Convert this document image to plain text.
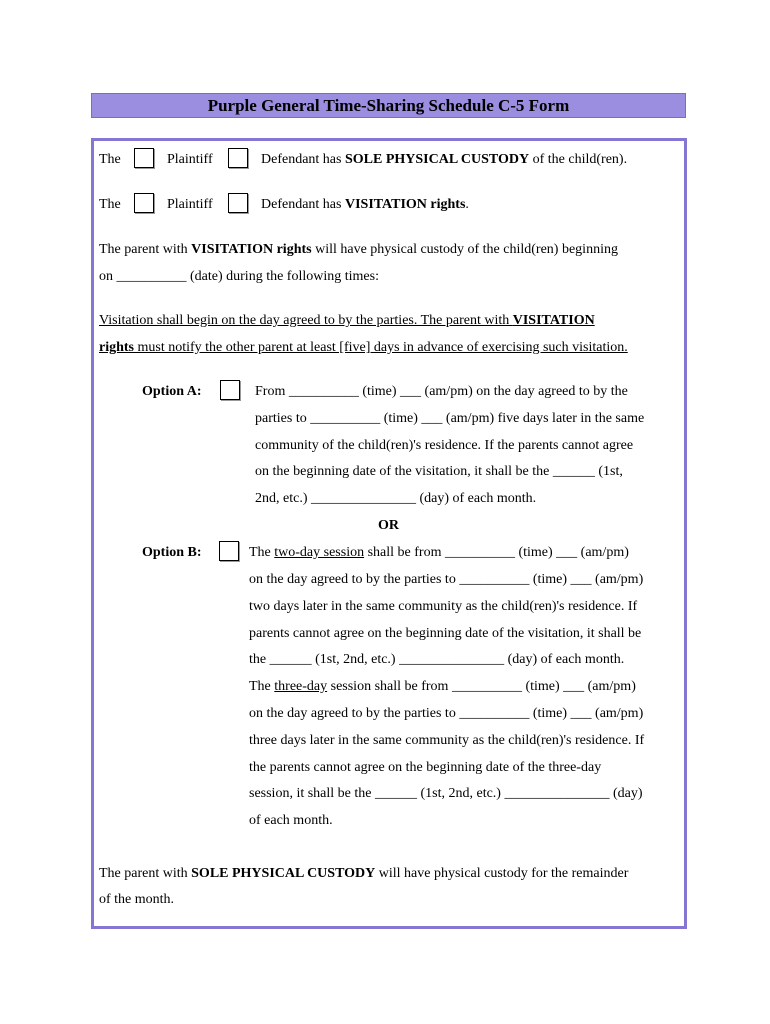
Purple General Time-Sharing Schedule C-5 Form
The	Plaintiff	Defendant has SOLE PHYSICAL CUSTODY of the child(ren).
The	Plaintiff	Defendant has VISITATION rights.
The parent with VISITATION rights will have physical custody of the child(ren) beginning
on __________ (date) during the following times:
Visitation shall begin on the day agreed to by the parties. The parent with VISITATION
rights must notify the other parent at least [five] days in advance of exercising such visitation.
Option A:	From __________ (time) ___ (am/pm) on the day agreed to by the
parties to __________ (time) ___ (am/pm) five days later in the same
community of the child(ren)'s residence. If the parents cannot agree
on the beginning date of the visitation, it shall be the ______ (1st,
2nd, etc.) _______________ (day) of each month.
OR
Option B:	The two-day session shall be from __________ (time) ___ (am/pm)
on the day agreed to by the parties to __________ (time) ___ (am/pm)
two days later in the same community as the child(ren)'s residence. If
parents cannot agree on the beginning date of the visitation, it shall be
the ______ (1st, 2nd, etc.) _______________ (day) of each month.
The three-day session shall be from __________ (time) ___ (am/pm)
on the day agreed to by the parties to __________ (time) ___ (am/pm)
three days later in the same community as the child(ren)'s residence. If
the parents cannot agree on the beginning date of the three-day
session, it shall be the ______ (1st, 2nd, etc.) _______________ (day)
of each month.
The parent with SOLE PHYSICAL CUSTODY will have physical custody for the remainder
of the month.
